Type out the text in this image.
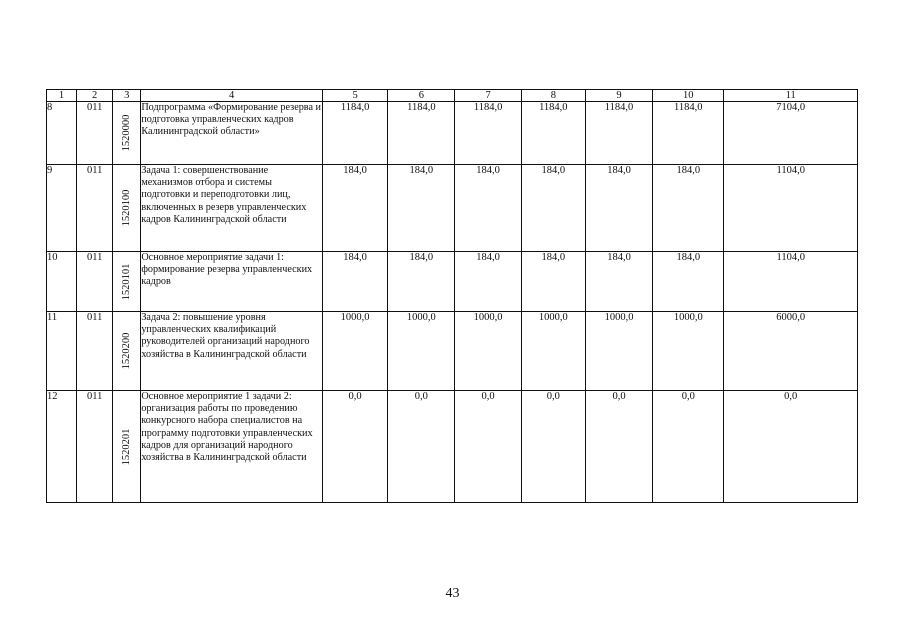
1	2	3	4	5	6	7	8	9	10	11
8	011	1520000	Подпрограмма «Формирование резерва и подготовка управленческих кадров Калининградской области»	1184,0	1184,0	1184,0	1184,0	1184,0	1184,0	7104,0
9	011	1520100	Задача 1: совершенствование механизмов отбора и системы подготовки и переподготовки лиц, включенных в резерв управленческих кадров Калининградской области	184,0	184,0	184,0	184,0	184,0	184,0	1104,0
10	011	1520101	Основное мероприятие задачи 1: формирование резерва управленческих кадров	184,0	184,0	184,0	184,0	184,0	184,0	1104,0
11	011	1520200	Задача 2: повышение уровня управленческих квалификаций руководителей организаций народного хозяйства в Калининградской области	1000,0	1000,0	1000,0	1000,0	1000,0	1000,0	6000,0
12	011	1520201	Основное мероприятие 1 задачи 2: организация работы по проведению конкурсного набора специалистов на программу подготовки управленческих кадров для организаций народного хозяйства в Калининградской области	0,0	0,0	0,0	0,0	0,0	0,0	0,0
43
